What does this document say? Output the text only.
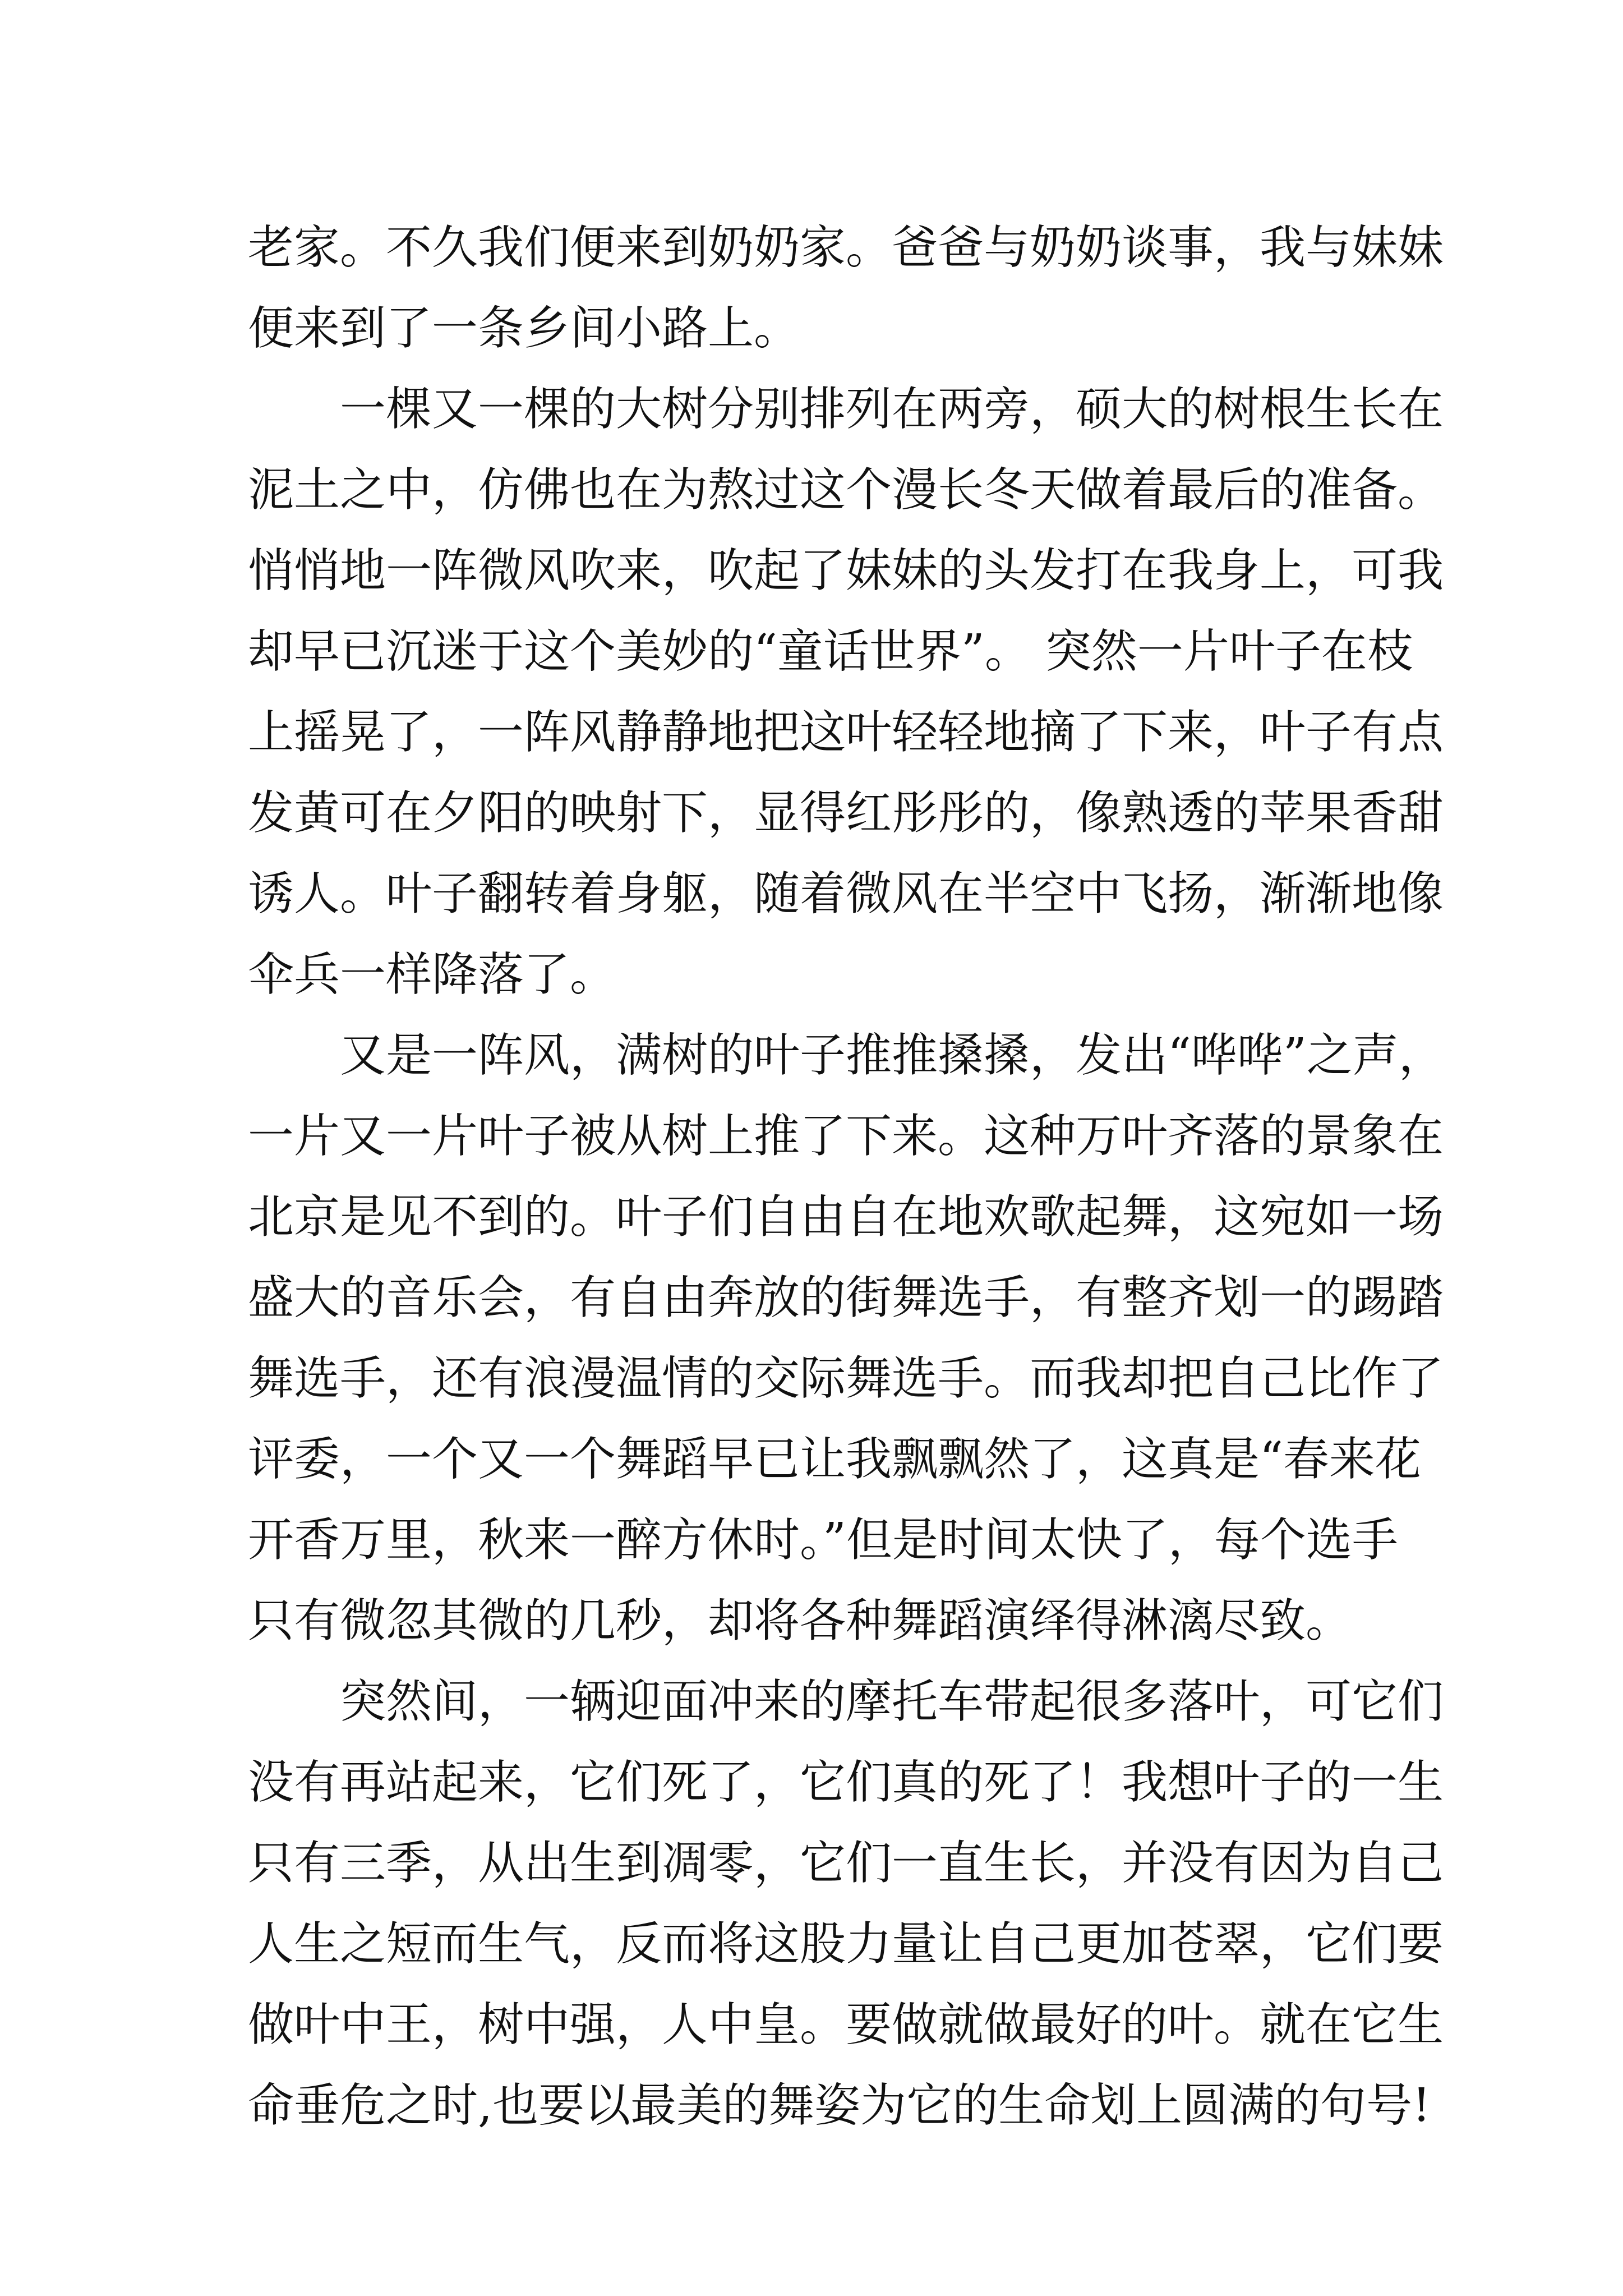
老家。不久我们便来到奶奶家。爸爸与奶奶谈事，我与妹妹
便来到了一条乡间小路上。
　　一棵又一棵的大树分别排列在两旁，硕大的树根生长在
泥土之中，仿佛也在为熬过这个漫长冬天做着最后的准备。
悄悄地一阵微风吹来，吹起了妹妹的头发打在我身上，可我
却早已沉迷于这个美妙的“童话世界”。 突然一片叶子在枝
上摇晃了，一阵风静静地把这叶轻轻地摘了下来，叶子有点
发黄可在夕阳的映射下，显得红彤彤的，像熟透的苹果香甜
诱人。叶子翻转着身躯，随着微风在半空中飞扬，渐渐地像
伞兵一样降落了。
　　又是一阵风，满树的叶子推推搡搡，发出“哗哗”之声，
一片又一片叶子被从树上推了下来。这种万叶齐落的景象在
北京是见不到的。叶子们自由自在地欢歌起舞，这宛如一场
盛大的音乐会，有自由奔放的街舞选手，有整齐划一的踢踏
舞选手，还有浪漫温情的交际舞选手。而我却把自己比作了
评委，一个又一个舞蹈早已让我飘飘然了，这真是“春来花
开香万里，秋来一醉方休时。”但是时间太快了，每个选手
只有微忽其微的几秒，却将各种舞蹈演绎得淋漓尽致。
　　突然间，一辆迎面冲来的摩托车带起很多落叶，可它们
没有再站起来，它们死了，它们真的死了！我想叶子的一生
只有三季，从出生到凋零，它们一直生长，并没有因为自己
人生之短而生气，反而将这股力量让自己更加苍翠，它们要
做叶中王，树中强，人中皇。要做就做最好的叶。就在它生
命垂危之时,也要以最美的舞姿为它的生命划上圆满的句号!
